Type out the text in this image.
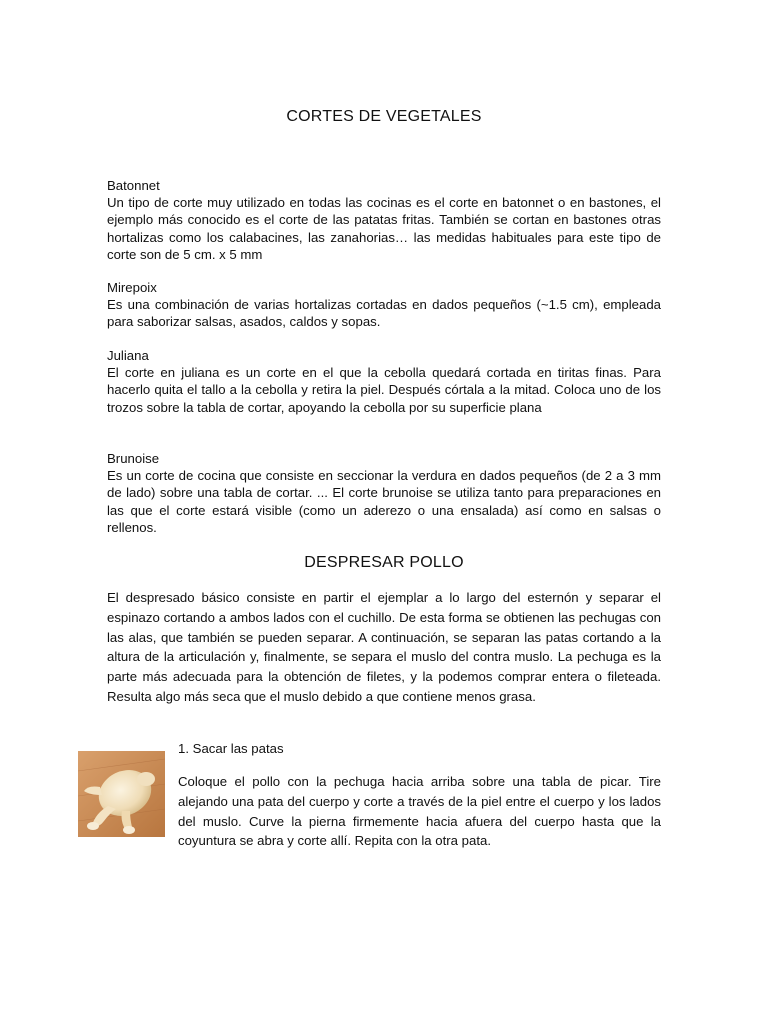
CORTES DE VEGETALES
Batonnet
Un tipo de corte muy utilizado en todas las cocinas es el corte en batonnet o en bastones, el ejemplo más conocido es el corte de las patatas fritas. También se cortan en bastones otras hortalizas como los calabacines, las zanahorias… las medidas habituales para este tipo de corte son de 5 cm. x 5 mm
Mirepoix
Es una combinación de varias hortalizas cortadas en dados pequeños (~1.5 cm), empleada para saborizar salsas, asados, caldos y sopas.
Juliana
El corte en juliana es un corte en el que la cebolla quedará cortada en tiritas finas. Para hacerlo quita el tallo a la cebolla y retira la piel. Después córtala a la mitad. Coloca uno de los trozos sobre la tabla de cortar, apoyando la cebolla por su superficie plana
Brunoise
Es un corte de cocina que consiste en seccionar la verdura en dados pequeños (de 2 a 3 mm de lado) sobre una tabla de cortar. ... El corte brunoise se utiliza tanto para preparaciones en las que el corte estará visible (como un aderezo o una ensalada) así como en salsas o rellenos.
DESPRESAR POLLO
El despresado básico consiste en partir el ejemplar a lo largo del esternón y separar el espinazo cortando a ambos lados con el cuchillo. De esta forma se obtienen las pechugas con las alas, que también se pueden separar. A continuación, se separan las patas cortando a la altura de la articulación y, finalmente, se separa el muslo del contra muslo. La pechuga es la parte más adecuada para la obtención de filetes, y la podemos comprar entera o fileteada. Resulta algo más seca que el muslo debido a que contiene menos grasa.
1. Sacar las patas
Coloque el pollo con la pechuga hacia arriba sobre una tabla de picar. Tire alejando una pata del cuerpo y corte a través de la piel entre el cuerpo y los lados del muslo. Curve la pierna firmemente hacia afuera del cuerpo hasta que la coyuntura se abra y corte allí. Repita con la otra pata.
